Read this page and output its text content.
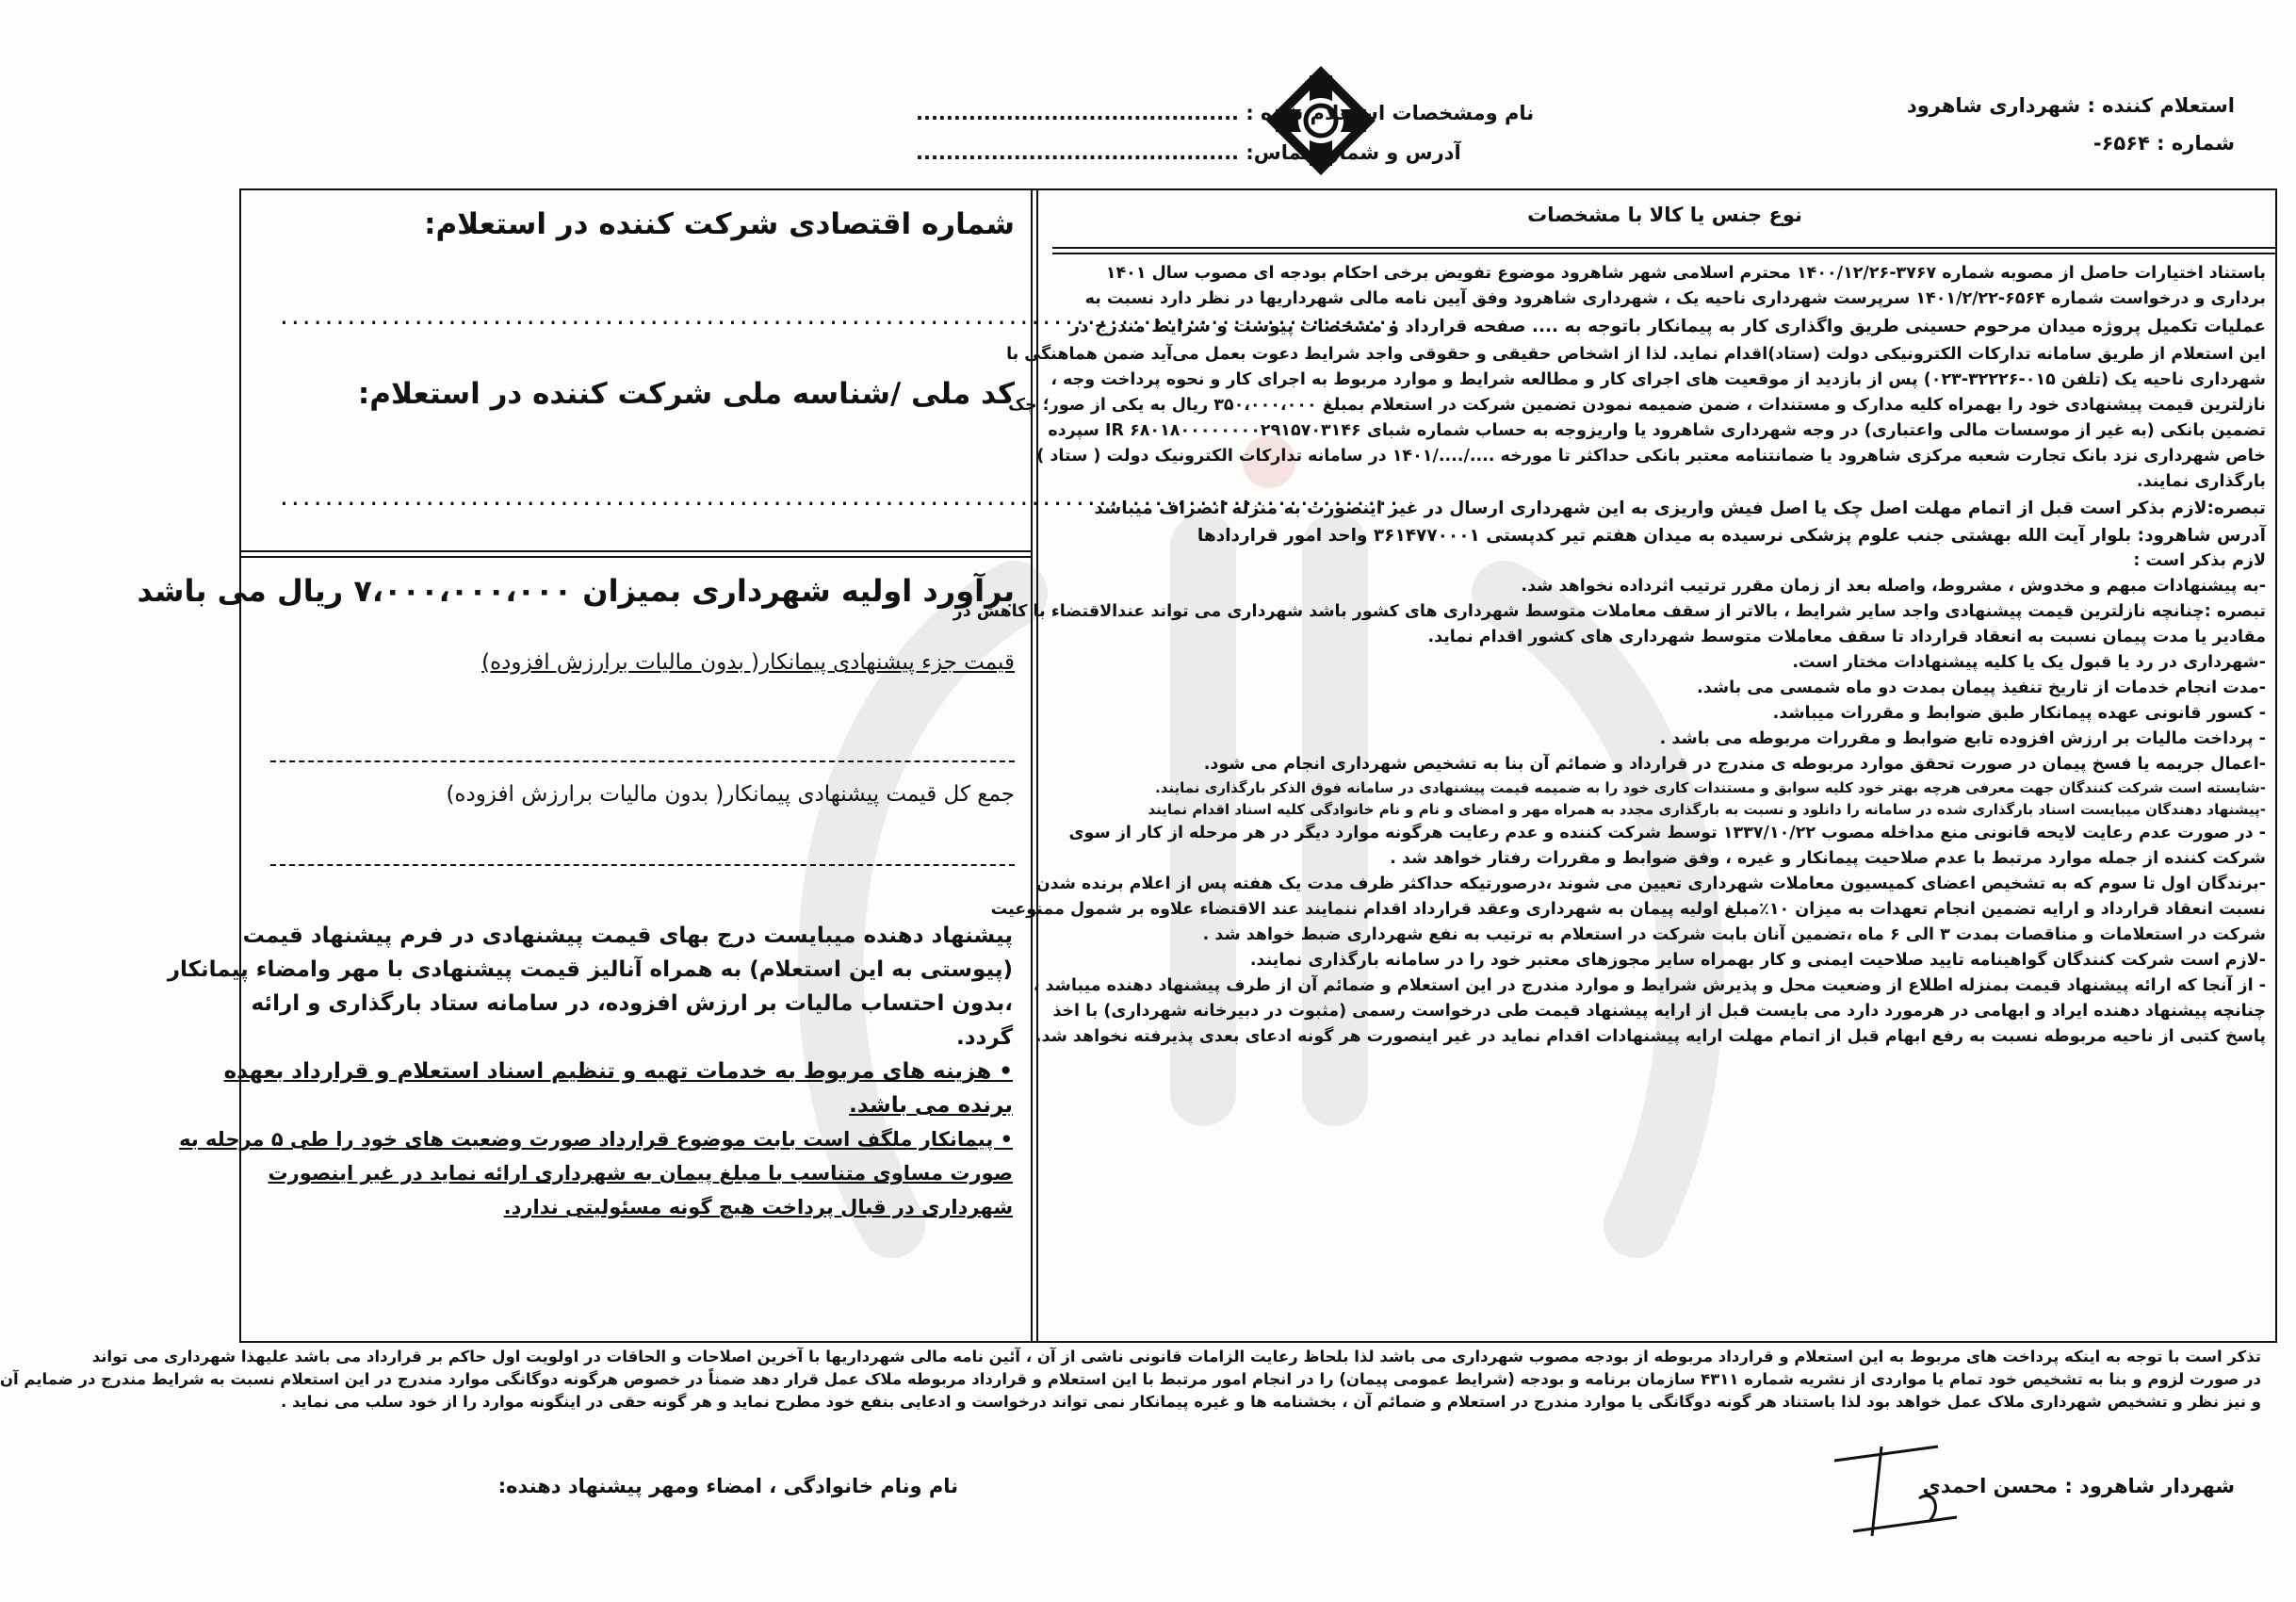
استعلام کننده : شهرداری شاهرود
شماره : ۶۵۶۴-
نام ومشخصات استعلام شده : ...........................................
آدرس و شماره تماس: ...........................................
نوع جنس یا کالا با مشخصات
باستناد اختیارات حاصل از مصوبه شماره ۳۷۶۷-۱۴۰۰/۱۲/۲۶ محترم اسلامی شهر شاهرود موضوع تفویض برخی احکام بودجه ای مصوب سال ۱۴۰۱
برداری و درخواست شماره ۶۵۶۴-۱۴۰۱/۲/۲۲ سرپرست شهرداری ناحیه یک ، شهرداری شاهرود وفق آیین نامه مالی شهرداریها در نظر دارد نسبت به
عملیات تکمیل پروژه میدان مرحوم حسینی طریق واگذاری کار به پیمانکار باتوجه به .... صفحه قرارداد و مشخصات پیوست و شرایط مندرج در
این استعلام از طریق سامانه تدارکات الکترونیکی دولت (ستاد)اقدام نماید. لذا از اشخاص حقیقی و حقوقی واجد شرایط دعوت بعمل می‌آید ضمن هماهنگی با
شهرداری ناحیه یک (تلفن ۰۱۵-۳۲۲۲۶-۰۲۳) پس از بازدید از موقعیت های اجرای کار و مطالعه شرایط و موارد مربوط به اجرای کار و نحوه پرداخت وجه ،
نازلترین قیمت پیشنهادی خود را بهمراه کلیه مدارک و مستندات ، ضمن ضمیمه نمودن تضمین شرکت در استعلام بمبلغ ۳۵۰،۰۰۰،۰۰۰ ریال به یکی از صور؛ چک
تضمین بانکی (به غیر از موسسات مالی واعتباری) در وجه شهرداری شاهرود یا واریزوجه به حساب شماره شبای IR ۶۸۰۱۸۰۰۰۰۰۰۰۰۲۹۱۵۷۰۳۱۴۶ سپرده
خاص شهرداری نزد بانک تجارت شعبه مرکزی شاهرود یا ضمانتنامه معتبر بانکی حداکثر تا مورخه ..../..../۱۴۰۱ در سامانه تدارکات الکترونیک دولت ( ستاد )
بارگذاری نمایند.
تبصره:لازم بذکر است قبل از اتمام مهلت اصل چک یا اصل فیش واریزی به این شهرداری ارسال در غیر اینصورت به منزله انصراف میباشد
آدرس شاهرود: بلوار آیت الله بهشتی جنب علوم پزشکی نرسیده به میدان هفتم تیر کدپستی ۳۶۱۴۷۷۰۰۰۱ واحد امور قراردادها
لازم بذکر است :
-به پیشنهادات مبهم و مخدوش ، مشروط، واصله بعد از زمان مقرر ترتیب اثرداده نخواهد شد.
تبصره :چنانچه نازلترین قیمت پیشنهادی واجد سایر شرایط ، بالاتر از سقف معاملات متوسط شهرداری های کشور باشد شهرداری می تواند عندالاقتضاء با کاهش در
مقادیر یا مدت پیمان نسبت به انعقاد قرارداد تا سقف معاملات متوسط شهرداری های کشور اقدام نماید.
-شهرداری در رد یا قبول یک یا کلیه پیشنهادات مختار است.
-مدت انجام خدمات از تاریخ تنفیذ پیمان بمدت دو ماه شمسی می باشد.
- کسور قانونی عهده پیمانکار طبق ضوابط و مقررات میباشد.
- پرداخت مالیات بر ارزش افزوده تابع ضوابط و مقررات مربوطه می باشد .
-اعمال جریمه یا فسخ پیمان در صورت تحقق موارد مربوطه ی مندرج در قرارداد و ضمائم آن بنا به تشخیص شهرداری انجام می شود.
-شایسته است شرکت کنندگان جهت معرفی هرچه بهتر خود کلیه سوابق و مستندات کاری خود را به ضمیمه قیمت پیشنهادی در سامانه فوق الذکر بارگذاری نمایند.
-پیشنهاد دهندگان میبایست اسناد بارگذاری شده در سامانه را دانلود و نسبت به بارگذاری مجدد به همراه مهر و امضای و نام و نام خانوادگی کلیه اسناد اقدام نمایند
- در صورت عدم رعایت لایحه قانونی منع مداخله مصوب ۱۳۳۷/۱۰/۲۲ توسط شرکت کننده و عدم رعایت هرگونه موارد دیگر در هر مرحله از کار از سوی
شرکت کننده از جمله موارد مرتبط با عدم صلاحیت پیمانکار و غیره ، وفق ضوابط و مقررات رفتار خواهد شد .
-برندگان اول تا سوم که به تشخیص اعضای کمیسیون معاملات شهرداری تعیین می شوند ،درصورتیکه حداکثر ظرف مدت یک هفته پس از اعلام برنده شدن
نسبت انعقاد قرارداد و ارایه تضمین انجام تعهدات به میزان ۱۰٪مبلغ اولیه پیمان به شهرداری وعقد قرارداد اقدام ننمایند عند الاقتضاء علاوه بر شمول ممنوعیت
شرکت در استعلامات و مناقصات بمدت ۳ الی ۶ ماه ،تضمین آنان بابت شرکت در استعلام به ترتیب به نفع شهرداری ضبط خواهد شد .
-لازم است شرکت کنندگان گواهینامه تایید صلاحیت ایمنی و کار بهمراه سایر مجوزهای معتبر خود را در سامانه بارگذاری نمایند.
- از آنجا که ارائه پیشنهاد قیمت بمنزله اطلاع از وضعیت محل و پذیرش شرایط و موارد مندرج در این استعلام و ضمائم آن از طرف پیشنهاد دهنده میباشد ،
چنانچه پیشنهاد دهنده ایراد و ابهامی در هرمورد دارد می بایست قبل از ارایه پیشنهاد قیمت طی درخواست رسمی (مثبوت در دبیرخانه شهرداری) با اخذ
پاسخ کتبی از ناحیه مربوطه نسبت به رفع ابهام قبل از اتمام مهلت ارایه پیشنهادات اقدام نماید در غیر اینصورت هر گونه ادعای بعدی پذیرفته نخواهد شد.
شماره اقتصادی شرکت کننده در استعلام:
....................................................................................................
کد ملی /شناسه ملی شرکت کننده در استعلام:
....................................................................................................
برآورد اولیه شهرداری بمیزان ۷،۰۰۰،۰۰۰،۰۰۰ ریال می باشد
قیمت جزء پیشنهادی پیمانکار( بدون مالیات برارزش افزوده)
جمع کل قیمت پیشنهادی پیمانکار( بدون مالیات برارزش افزوده)
پیشنهاد دهنده میبایست درج بهای قیمت پیشنهادی در فرم پیشنهاد قیمت
(پیوستی به این استعلام) به همراه آنالیز قیمت پیشنهادی با مهر وامضاء پیمانکار
،بدون احتساب مالیات بر ارزش افزوده، در سامانه ستاد بارگذاری و ارائه
گردد.
• هزینه های مربوط به خدمات تهیه و تنظیم اسناد استعلام و قرارداد بعهده
برنده می باشد.
• پیمانکار ملگف است بابت موضوع قرارداد صورت وضعیت های خود را طی ۵ مرحله به
صورت مساوی متناسب با مبلغ پیمان به شهرداری ارائه نماید در غیر اینصورت
شهرداری در قبال پرداخت هیچ گونه مسئولیتی ندارد.
تذکر است با توجه به اینکه پرداخت های مربوط به این استعلام و قرارداد مربوطه از بودجه مصوب شهرداری می باشد لذا بلحاظ رعایت الزامات قانونی ناشی از آن ، آئین نامه مالی شهرداریها با آخرین اصلاحات و الحاقات در اولویت اول حاکم بر قرارداد می باشد علیهذا شهرداری می تواند
در صورت لزوم و بنا به تشخیص خود تمام یا مواردی از نشریه شماره ۴۳۱۱ سازمان برنامه و بودجه (شرایط عمومی پیمان) را در انجام امور مرتبط با این استعلام و قرارداد مربوطه ملاک عمل قرار دهد ضمناً در خصوص هرگونه دوگانگی موارد مندرج در این استعلام نسبت به شرایط مندرج در ضمایم آن
و نیز نظر و تشخیص شهرداری ملاک عمل خواهد بود لذا باستناد هر گونه دوگانگی یا موارد مندرج در استعلام و ضمائم آن ، بخشنامه ها و غیره پیمانکار نمی تواند درخواست و ادعایی بنفع خود مطرح نماید و هر گونه حقی در اینگونه موارد را از خود سلب می نماید .
شهردار شاهرود : محسن احمدی
نام ونام خانوادگی ، امضاء ومهر پیشنهاد دهنده:
